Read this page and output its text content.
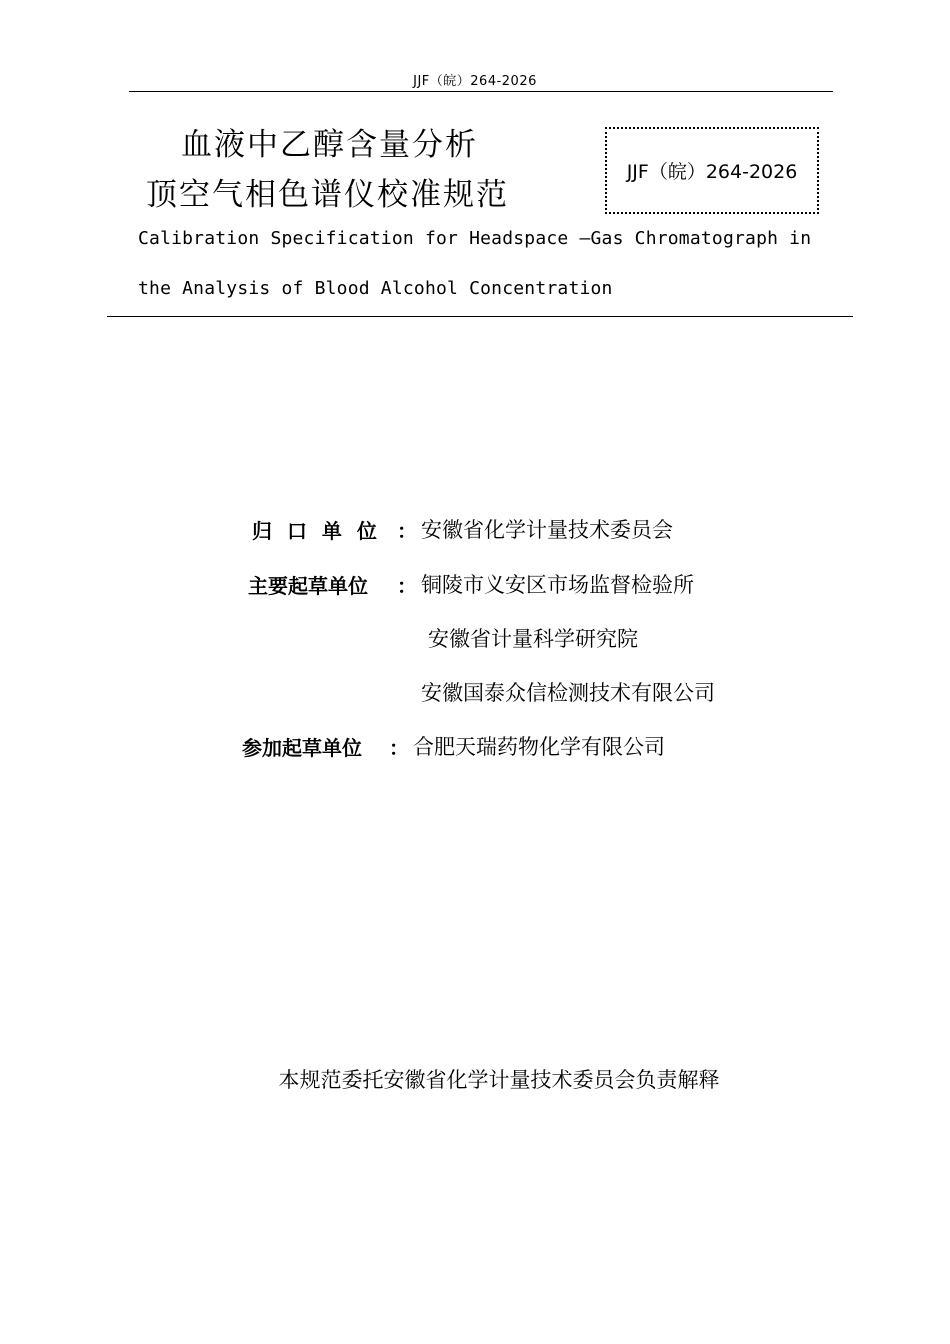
JJF（皖）264-2026
血液中乙醇含量分析
顶空气相色谱仪校准规范
JJF（皖）264-2026
Calibration Specification for Headspace –Gas Chromatograph in
the Analysis of Blood Alcohol Concentration
归 口 单 位 ： 安徽省化学计量技术委员会
主要起草单位 ： 铜陵市义安区市场监督检验所
安徽省计量科学研究院
安徽国泰众信检测技术有限公司
参加起草单位 ： 合肥天瑞药物化学有限公司
本规范委托安徽省化学计量技术委员会负责解释
